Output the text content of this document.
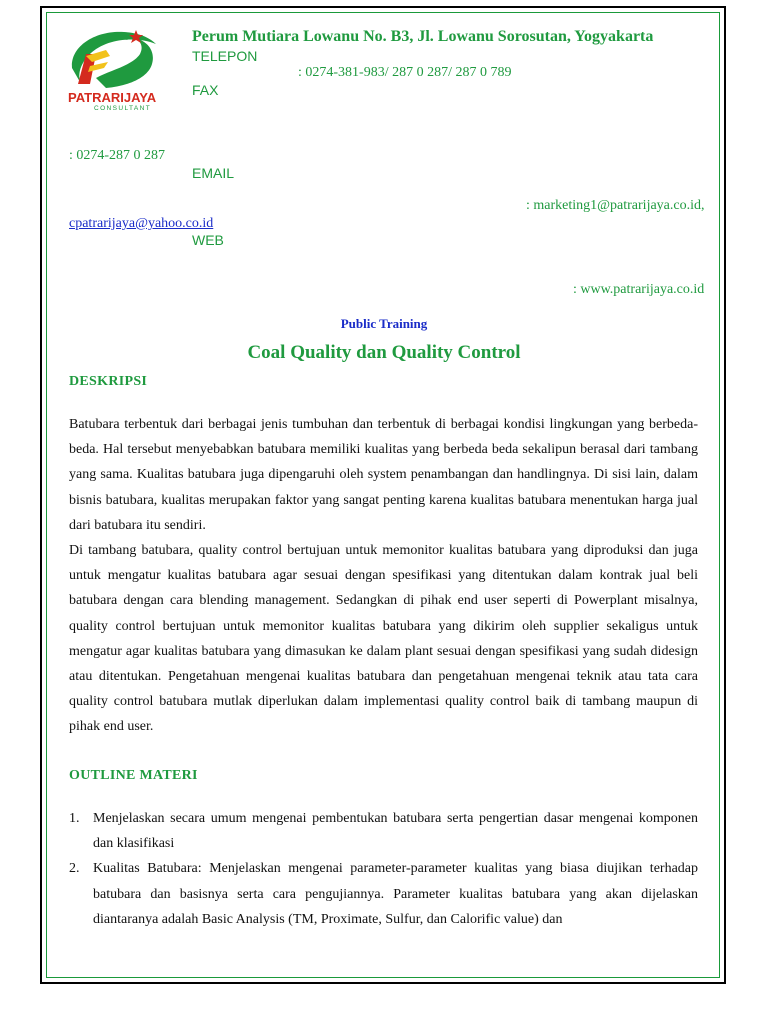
PATRARIJAYA
CONSULTANT
Perum Mutiara Lowanu No. B3, Jl. Lowanu Sorosutan, Yogyakarta
TELEPON
: 0274-381-983/ 287 0 287/ 287 0 789
FAX
: 0274-287 0 287
EMAIL
: marketing1@patrarijaya.co.id,
cpatrarijaya@yahoo.co.id
WEB
: www.patrarijaya.co.id
Public Training
Coal Quality dan Quality Control
DESKRIPSI

Batubara terbentuk dari berbagai jenis tumbuhan dan terbentuk di berbagai kondisi lingkungan yang berbeda-beda. Hal tersebut menyebabkan batubara memiliki kualitas yang berbeda beda sekalipun berasal dari tambang yang sama. Kualitas batubara juga dipengaruhi oleh system penambangan dan handlingnya. Di sisi lain, dalam bisnis batubara, kualitas merupakan faktor yang sangat penting karena kualitas batubara menentukan harga jual dari batubara itu sendiri.

Di tambang batubara, quality control bertujuan untuk memonitor kualitas batubara yang diproduksi dan juga untuk mengatur kualitas batubara agar sesuai dengan spesifikasi yang ditentukan dalam kontrak jual beli batubara dengan cara blending management. Sedangkan di pihak end user seperti di Powerplant misalnya, quality control bertujuan untuk memonitor kualitas batubara yang dikirim oleh supplier sekaligus untuk mengatur agar kualitas batubara yang dimasukan ke dalam plant sesuai dengan spesifikasi yang sudah didesign atau ditentukan. Pengetahuan mengenai kualitas batubara dan pengetahuan mengenai teknik atau tata cara quality control batubara mutlak diperlukan dalam implementasi quality control baik di tambang maupun di pihak end user.

OUTLINE MATERI
1. Menjelaskan secara umum mengenai pembentukan batubara serta pengertian dasar mengenai komponen dan klasifikasi
2. Kualitas Batubara: Menjelaskan mengenai parameter-parameter kualitas yang biasa diujikan terhadap batubara dan basisnya serta cara pengujiannya. Parameter kualitas batubara yang akan dijelaskan diantaranya adalah Basic Analysis (TM, Proximate, Sulfur, dan Calorific value) dan
